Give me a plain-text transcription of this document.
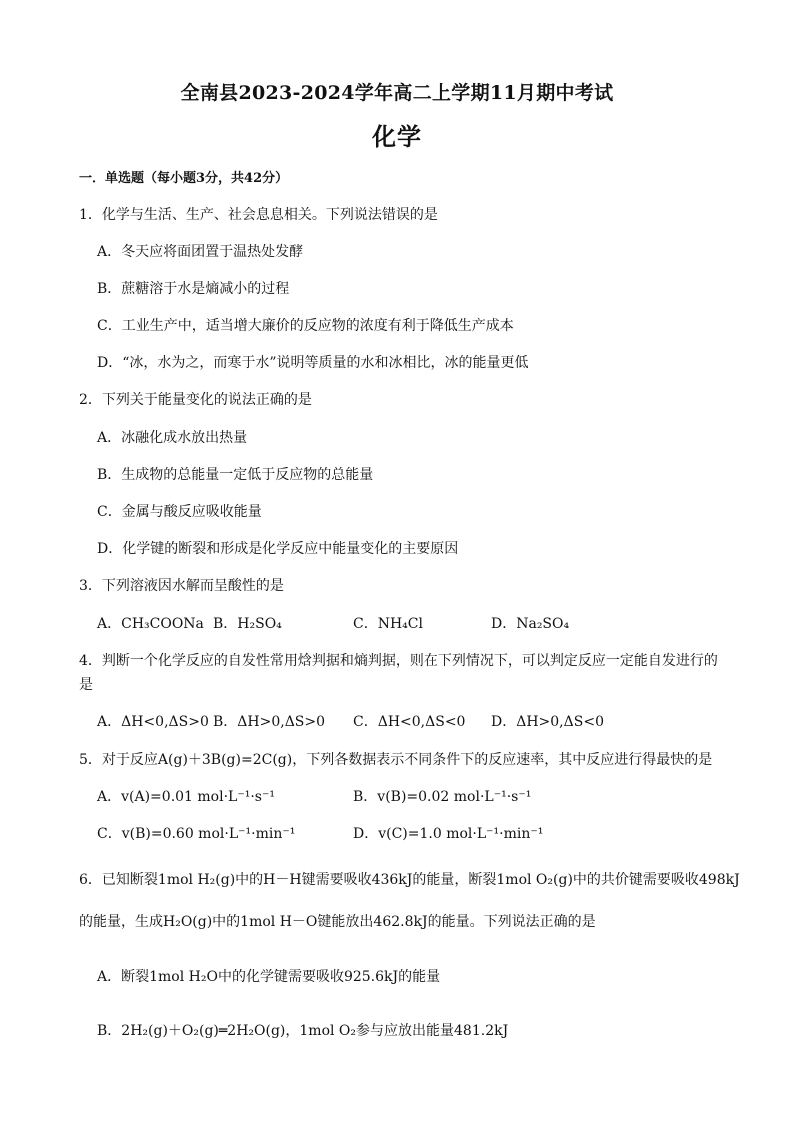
全南县2023-2024学年高二上学期11月期中考试
化学
一．单选题（每小题3分，共42分）
1．化学与生活、生产、社会息息相关。下列说法错误的是
A．冬天应将面团置于温热处发酵
B．蔗糖溶于水是熵减小的过程
C．工业生产中，适当增大廉价的反应物的浓度有利于降低生产成本
D．“冰，水为之，而寒于水”说明等质量的水和冰相比，冰的能量更低
2．下列关于能量变化的说法正确的是
A．冰融化成水放出热量
B．生成物的总能量一定低于反应物的总能量
C．金属与酸反应吸收能量
D．化学键的断裂和形成是化学反应中能量变化的主要原因
3．下列溶液因水解而呈酸性的是
A．CH₃COONa B．H₂SO₄	C．NH₄Cl	D．Na₂SO₄
4．判断一个化学反应的自发性常用焓判据和熵判据，则在下列情况下，可以判定反应一定能自发进行的
是
A．ΔH<0,ΔS>0 B．ΔH>0,ΔS>0 C．ΔH<0,ΔS<0 D．ΔH>0,ΔS<0
5．对于反应A(g)＋3B(g)=2C(g)，下列各数据表示不同条件下的反应速率，其中反应进行得最快的是
A．v(A)=0.01 mol·L⁻¹·s⁻¹	B．v(B)=0.02 mol·L⁻¹·s⁻¹
C．v(B)=0.60 mol·L⁻¹·min⁻¹	D．v(C)=1.0 mol·L⁻¹·min⁻¹
6．已知断裂1mol H₂(g)中的H－H键需要吸收436kJ的能量，断裂1mol O₂(g)中的共价键需要吸收498kJ
的能量，生成H₂O(g)中的1mol H－O键能放出462.8kJ的能量。下列说法正确的是
A．断裂1mol H₂O中的化学键需要吸收925.6kJ的能量
B．2H₂(g)＋O₂(g)═2H₂O(g)，1mol O₂参与应放出能量481.2kJ
